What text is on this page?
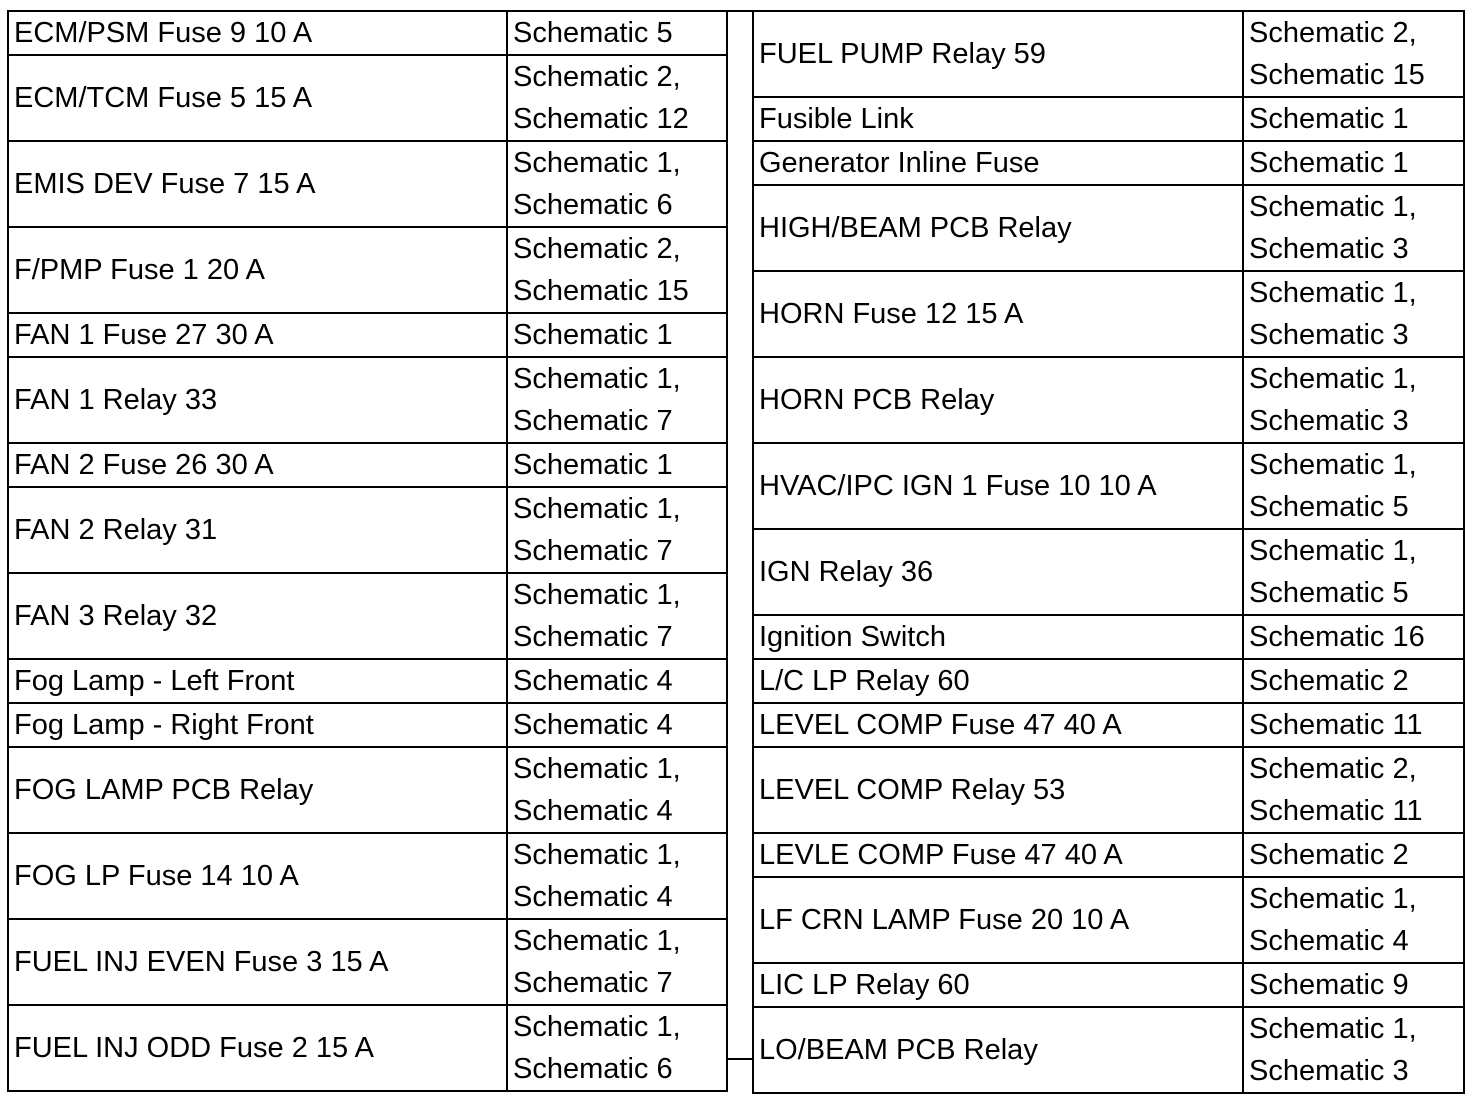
ECM/PSM Fuse 9 10 A	Schematic 5
ECM/TCM Fuse 5 15 A	Schematic 2,
Schematic 12
EMIS DEV Fuse 7 15 A	Schematic 1,
Schematic 6
F/PMP Fuse 1 20 A	Schematic 2,
Schematic 15
FAN 1 Fuse 27 30 A	Schematic 1
FAN 1 Relay 33	Schematic 1,
Schematic 7
FAN 2 Fuse 26 30 A	Schematic 1
FAN 2 Relay 31	Schematic 1,
Schematic 7
FAN 3 Relay 32	Schematic 1,
Schematic 7
Fog Lamp - Left Front	Schematic 4
Fog Lamp - Right Front	Schematic 4
FOG LAMP PCB Relay	Schematic 1,
Schematic 4
FOG LP Fuse 14 10 A	Schematic 1,
Schematic 4
FUEL INJ EVEN Fuse 3 15 A	Schematic 1,
Schematic 7
FUEL INJ ODD Fuse 2 15 A	Schematic 1,
Schematic 6
FUEL PUMP Relay 59	Schematic 2,
Schematic 15
Fusible Link	Schematic 1
Generator Inline Fuse	Schematic 1
HIGH/BEAM PCB Relay	Schematic 1,
Schematic 3
HORN Fuse 12 15 A	Schematic 1,
Schematic 3
HORN PCB Relay	Schematic 1,
Schematic 3
HVAC/IPC IGN 1 Fuse 10 10 A	Schematic 1,
Schematic 5
IGN Relay 36	Schematic 1,
Schematic 5
Ignition Switch	Schematic 16
L/C LP Relay 60	Schematic 2
LEVEL COMP Fuse 47 40 A	Schematic 11
LEVEL COMP Relay 53	Schematic 2,
Schematic 11
LEVLE COMP Fuse 47 40 A	Schematic 2
LF CRN LAMP Fuse 20 10 A	Schematic 1,
Schematic 4
LIC LP Relay 60	Schematic 9
LO/BEAM PCB Relay	Schematic 1,
Schematic 3
